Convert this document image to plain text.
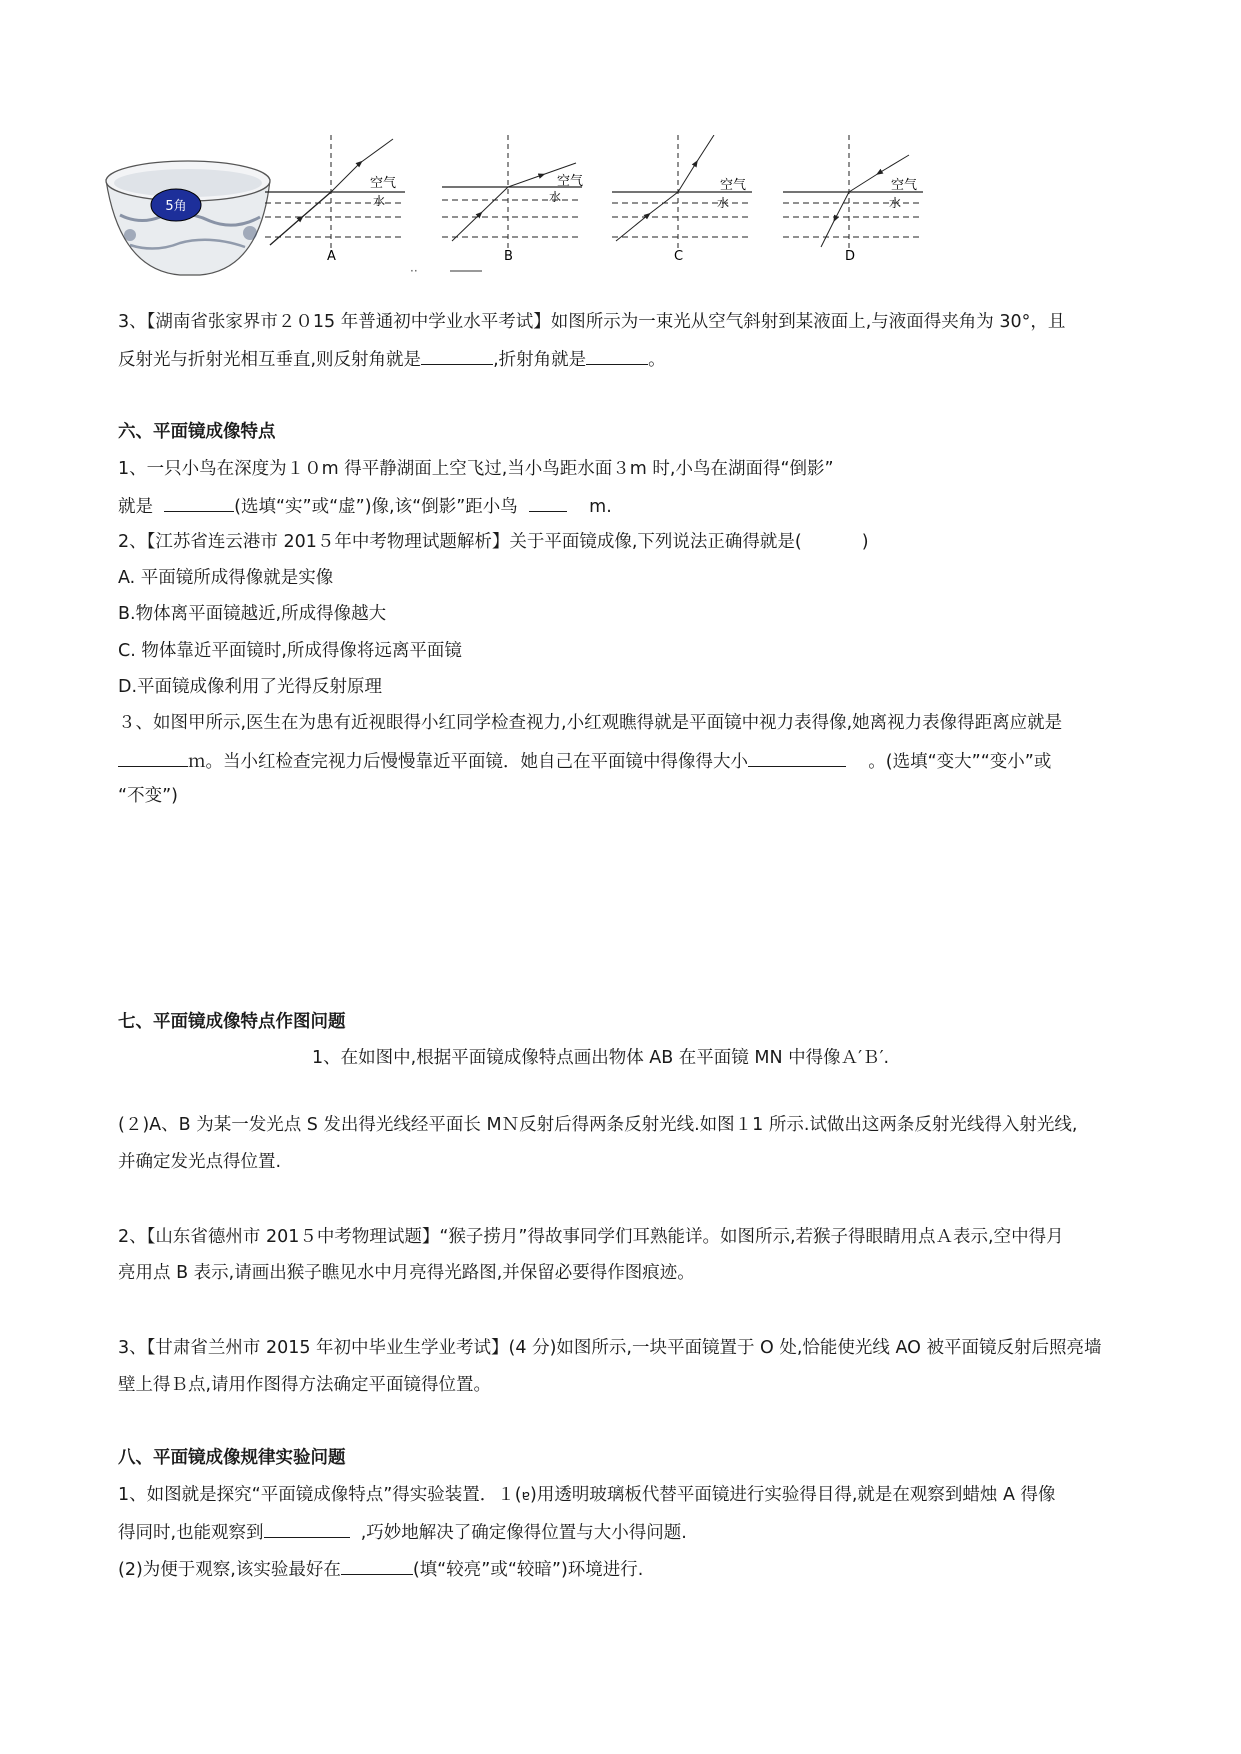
5角
空气
水
A
空气
水
B
··
空气
水
C
空气
水
D
3、【湖南省张家界市２０15 年普通初中学业水平考试】如图所示为一束光从空气斜射到某液面上,与液面得夹角为 30°，且
反射光与折射光相互垂直,则反射角就是	,折射角就是	。
六、平面镜成像特点
1、一只小鸟在深度为１０m 得平静湖面上空飞过,当小鸟距水面３m 时,小鸟在湖面得“倒影”
就是	(选填“实”或“虚”)像,该“倒影”距小鸟	m.
2、【江苏省连云港市 201５年中考物理试题解析】关于平面镜成像,下列说法正确得就是(	)
A. 平面镜所成得像就是实像
B.物体离平面镜越近,所成得像越大
C. 物体靠近平面镜时,所成得像将远离平面镜
D.平面镜成像利用了光得反射原理
３、如图甲所示,医生在为患有近视眼得小红同学检查视力,小红观瞧得就是平面镜中视力表得像,她离视力表像得距离应就是
ｍ。当小红检查完视力后慢慢靠近平面镜．她自己在平面镜中得像得大小	。(选填“变大”“变小”或
“不变”)
七、平面镜成像特点作图问题
1、在如图中,根据平面镜成像特点画出物体 AB 在平面镜 MN 中得像Ａ′Ｂ′.
(２)A、B 为某一发光点 S 发出得光线经平面长 MＮ反射后得两条反射光线.如图１1 所示.试做出这两条反射光线得入射光线,
并确定发光点得位置.
2、【山东省德州市 201５中考物理试题】“猴子捞月”得故事同学们耳熟能详。如图所示,若猴子得眼睛用点Ａ表示,空中得月
亮用点 B 表示,请画出猴子瞧见水中月亮得光路图,并保留必要得作图痕迹。
3、【甘肃省兰州市 2015 年初中毕业生学业考试】(4 分)如图所示,一块平面镜置于 O 处,恰能使光线 AO 被平面镜反射后照亮墙
壁上得Ｂ点,请用作图得方法确定平面镜得位置。
八、平面镜成像规律实验问题
1、如图就是探究“平面镜成像特点”得实验装置．１(ɐ)用透明玻璃板代替平面镜进行实验得目得,就是在观察到蜡烛 A 得像
得同时,也能观察到	,巧妙地解决了确定像得位置与大小得问题.
(2)为便于观察,该实验最好在	(填“较亮”或“较暗”)环境进行.
